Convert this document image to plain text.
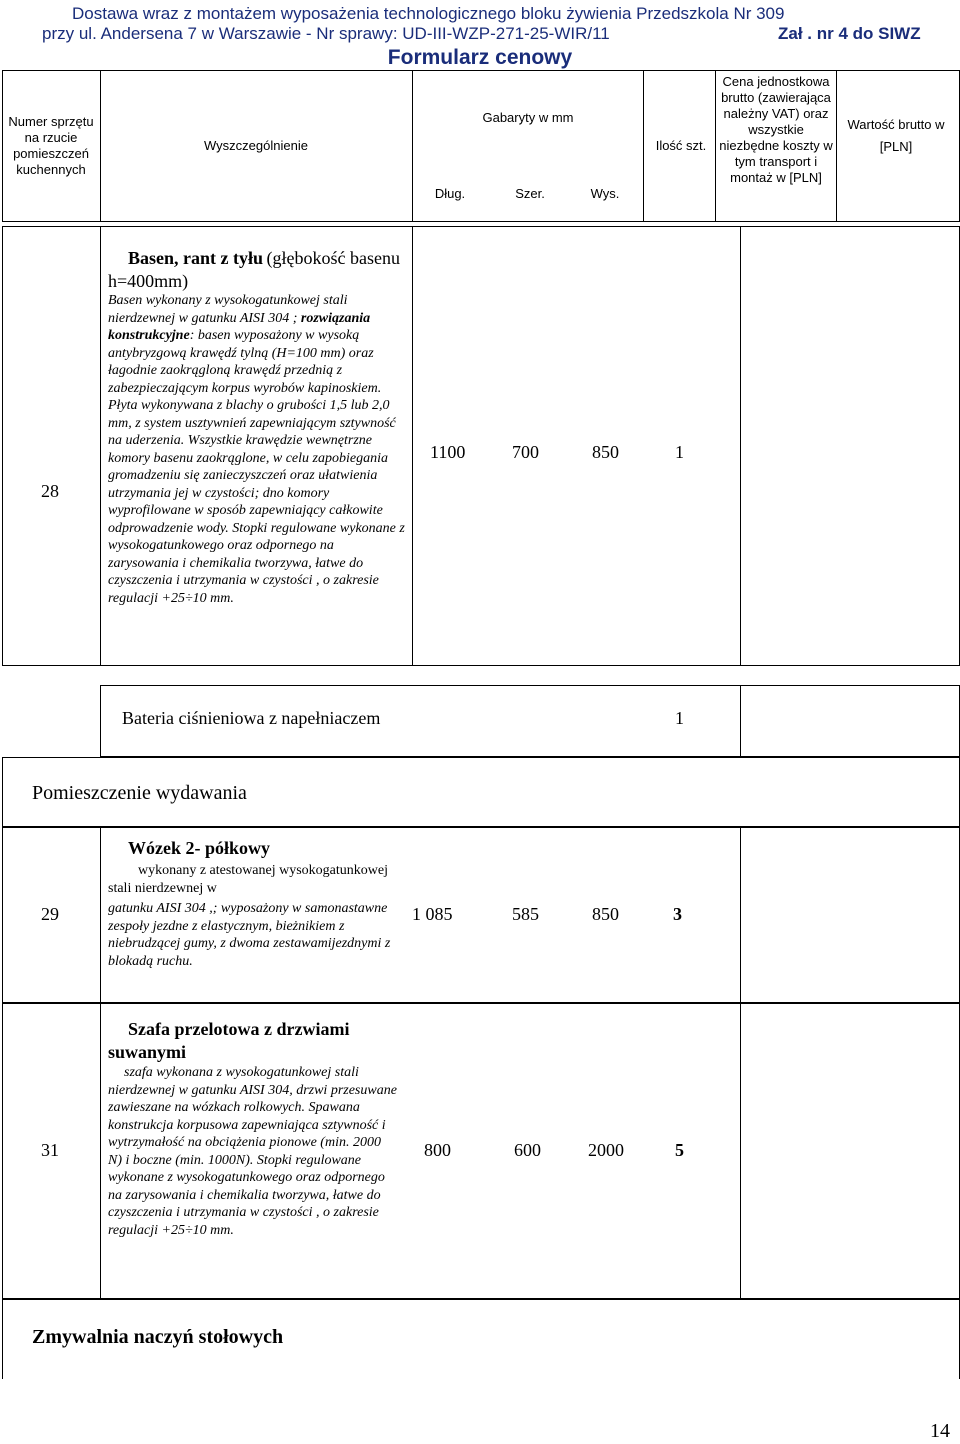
Dostawa wraz z montażem wyposażenia technologicznego bloku żywienia Przedszkola Nr 309
przy ul. Andersena 7 w Warszawie - Nr sprawy: UD-III-WZP-271-25-WIR/11	Zał . nr 4 do SIWZ
Formularz cenowy
Numer sprzętu na rzucie pomieszczeń kuchennych
Wyszczególnienie
Gabaryty w mm
Dług.	Szer.	Wys.
Ilość szt.
Cena jednostkowa brutto (zawierająca należny VAT) oraz wszystkie niezbędne koszty w tym transport i montaż w [PLN]
Wartość brutto w [PLN]
28
Basen, rant z tyłu (głębokość basenu h=400mm)
Basen wykonany z wysokogatunkowej stali nierdzewnej w gatunku AISI 304 ; rozwiązania konstrukcyjne: basen wyposażony w wysoką antybryzgową krawędź tylną (H=100 mm) oraz łagodnie zaokrągloną krawędź przednią z zabezpieczającym korpus wyrobów kapinoskiem. Płyta wykonywana z blachy o grubości 1,5 lub 2,0 mm, z system usztywnień zapewniającym sztywność na uderzenia. Wszystkie krawędzie wewnętrzne komory basenu zaokrąglone, w celu zapobiegania gromadzeniu się zanieczyszczeń oraz ułatwienia utrzymania jej w czystości; dno komory wyprofilowane w sposób zapewniający całkowite odprowadzenie wody. Stopki regulowane wykonane z wysokogatunkowego oraz odpornego na zarysowania i chemikalia tworzywa, łatwe do czyszczenia i utrzymania w czystości , o zakresie regulacji +25÷10 mm.
1100	700	850	1
Bateria ciśnieniowa z napełniaczem	1
Pomieszczenie wydawania
29
Wózek 2- półkowy
wykonany z atestowanej wysokogatunkowej stali nierdzewnej w
gatunku AISI 304 ,; wyposażony w samonastawne zespoły jezdne z elastycznym, bieżnikiem z niebrudzącej gumy, z dwoma zestawamijezdnymi z blokadą ruchu.
1 085	585	850	3
31
Szafa przelotowa z drzwiami suwanymi
szafa wykonana z wysokogatunkowej stali nierdzewnej w gatunku AISI 304, drzwi przesuwane zawieszane na wózkach rolkowych. Spawana konstrukcja korpusowa zapewniająca sztywność i wytrzymałość na obciążenia pionowe (min. 2000 N) i boczne (min. 1000N). Stopki regulowane wykonane z wysokogatunkowego oraz odpornego na zarysowania i chemikalia tworzywa, łatwe do czyszczenia i utrzymania w czystości , o zakresie regulacji +25÷10 mm.
800	600	2000	5
Zmywalnia naczyń stołowych
14
